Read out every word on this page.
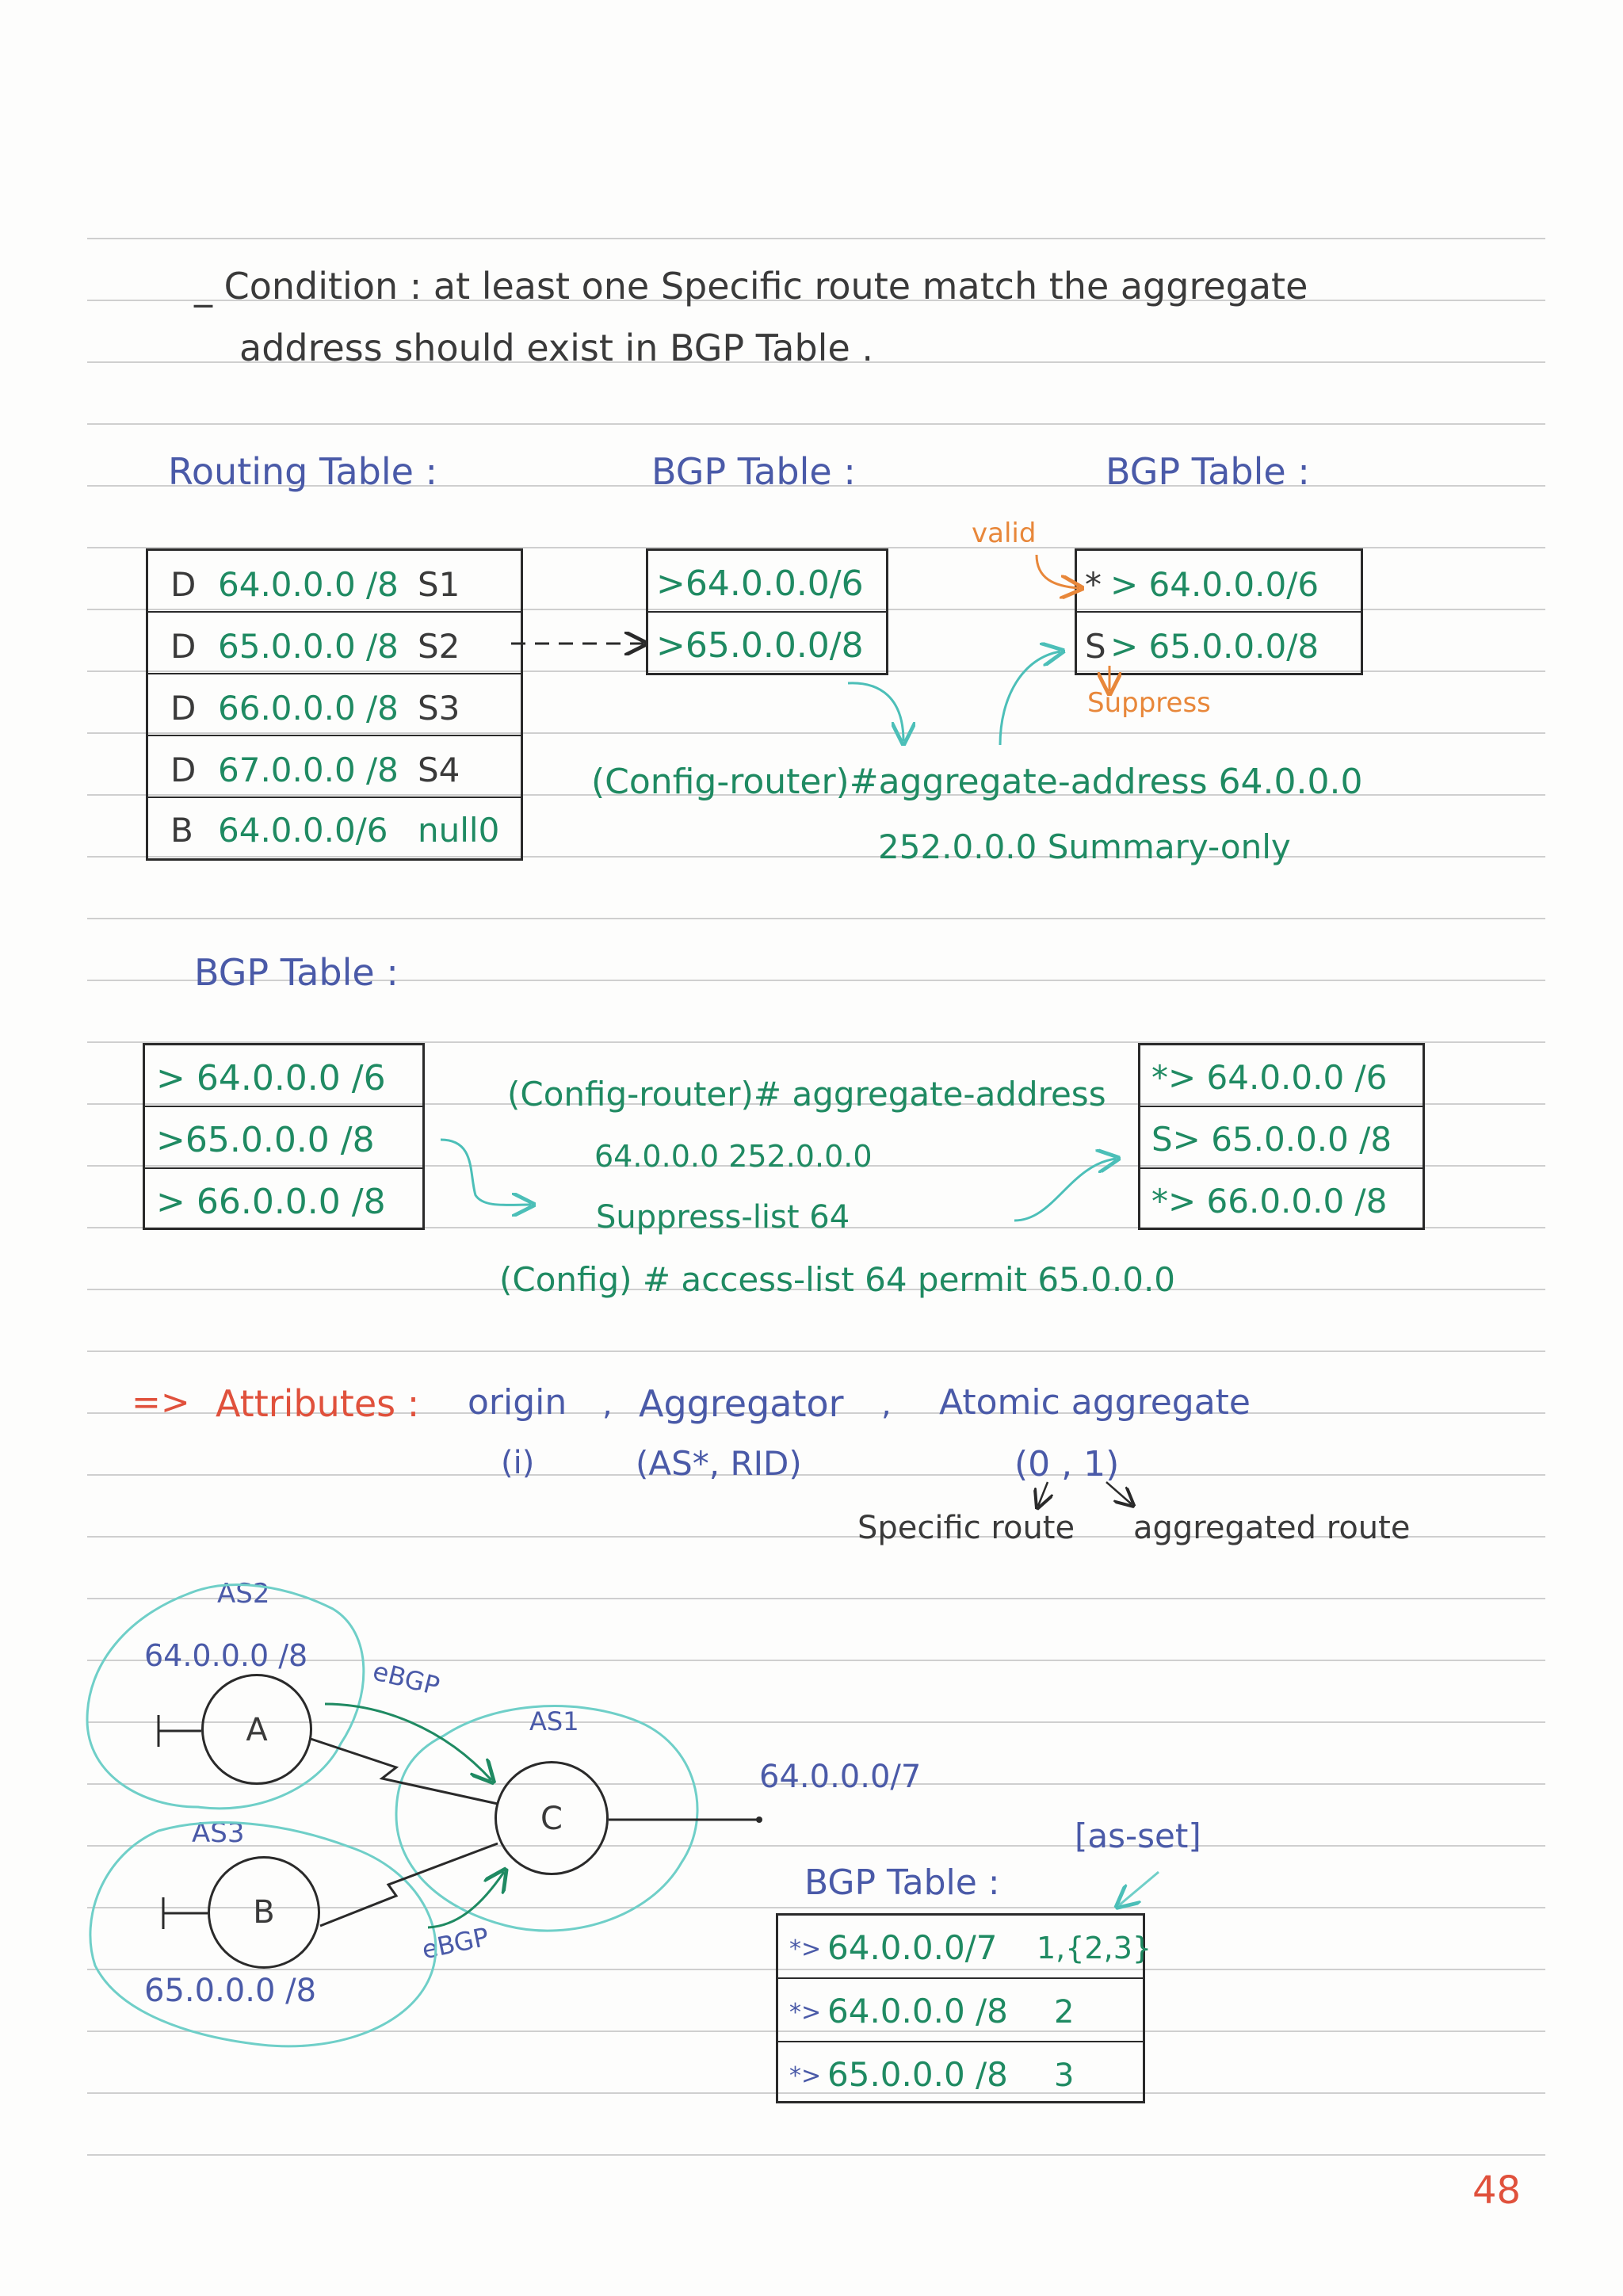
_ Condition : at least one Specific route match the aggregate
address should exist in BGP Table .
Routing Table :	BGP Table :	BGP Table :
D 64.0.0.0 /8 S1
D 65.0.0.0 /8 S2
D 66.0.0.0 /8 S3
D 67.0.0.0 /8 S4
B 64.0.0.0/6 null0
>64.0.0.0/6
>65.0.0.0/8
* > 64.0.0.0/6
S > 65.0.0.0/8
valid
Suppress
(Config-router)#aggregate-address 64.0.0.0
252.0.0.0 Summary-only
BGP Table :
> 64.0.0.0 /6
>65.0.0.0 /8
> 66.0.0.0 /8
*> 64.0.0.0 /6
S> 65.0.0.0 /8
*> 66.0.0.0 /8
(Config-router)# aggregate-address
64.0.0.0 252.0.0.0
Suppress-list 64
(Config) # access-list 64 permit 65.0.0.0
=> Attributes : origin , Aggregator , Atomic aggregate
(i)	(AS*, RID)	(0 , 1)
Specific route aggregated route
AS2
64.0.0.0 /8
eBGP
AS1
AS3
eBGP
65.0.0.0 /8
64.0.0.0/7
[as-set]
BGP Table :
*> 64.0.0.0/7 1,{2,3}
*> 64.0.0.0 /8 2
*> 65.0.0.0 /8 3
A
C
B
48
